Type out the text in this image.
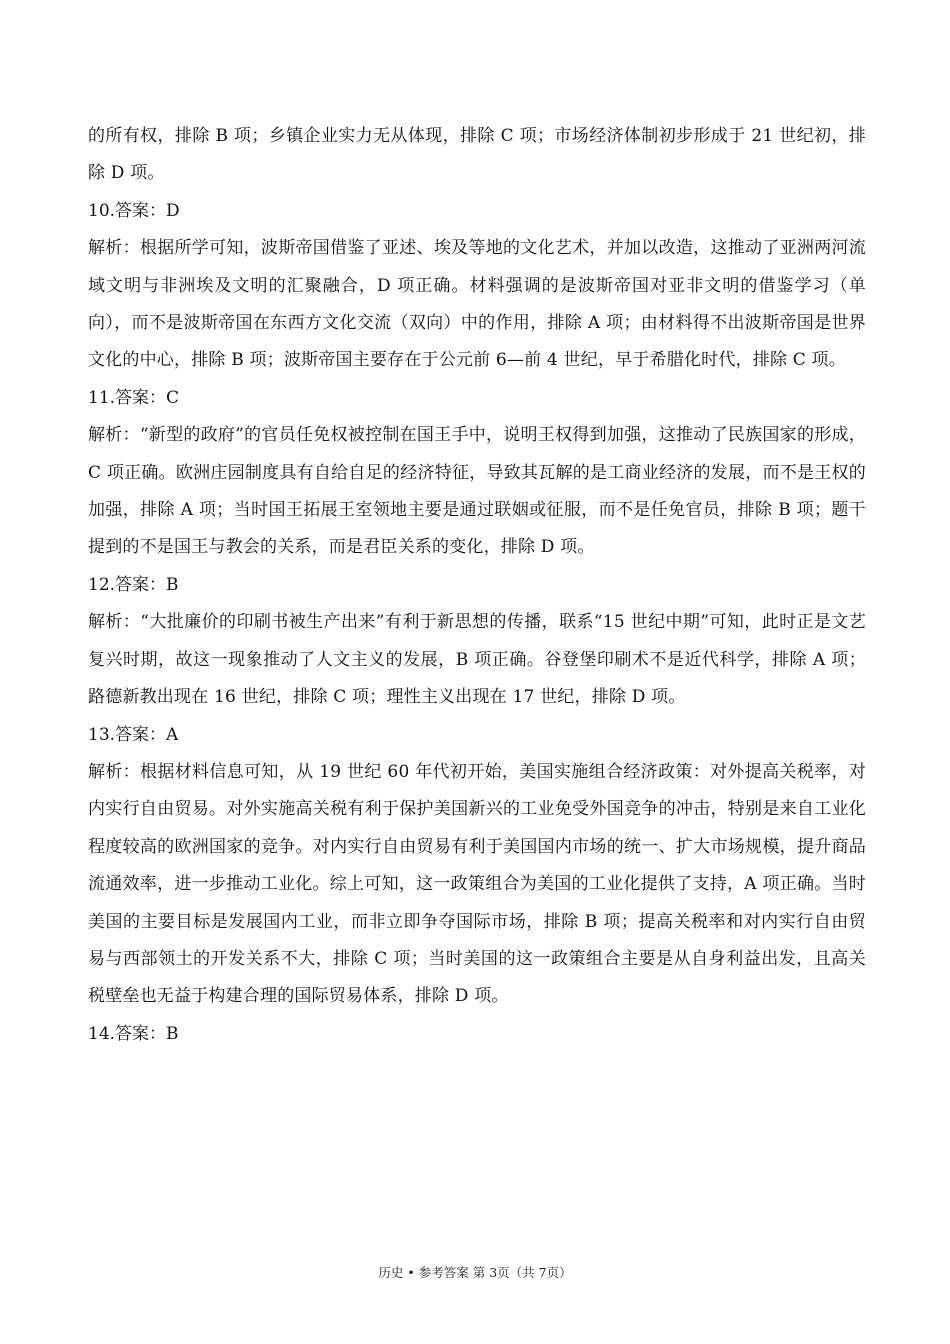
的所有权，排除 B 项；乡镇企业实力无从体现，排除 C 项；市场经济体制初步形成于 21 世纪初，排除 D 项。

10.答案：D

解析：根据所学可知，波斯帝国借鉴了亚述、埃及等地的文化艺术，并加以改造，这推动了亚洲两河流域文明与非洲埃及文明的汇聚融合，D 项正确。材料强调的是波斯帝国对亚非文明的借鉴学习（单向），而不是波斯帝国在东西方文化交流（双向）中的作用，排除 A 项；由材料得不出波斯帝国是世界文化的中心，排除 B 项；波斯帝国主要存在于公元前 6—前 4 世纪，早于希腊化时代，排除 C 项。

11.答案：C

解析：“新型的政府”的官员任免权被控制在国王手中，说明王权得到加强，这推动了民族国家的形成，C 项正确。欧洲庄园制度具有自给自足的经济特征，导致其瓦解的是工商业经济的发展，而不是王权的加强，排除 A 项；当时国王拓展王室领地主要是通过联姻或征服，而不是任免官员，排除 B 项；题干提到的不是国王与教会的关系，而是君臣关系的变化，排除 D 项。

12.答案：B

解析：“大批廉价的印刷书被生产出来”有利于新思想的传播，联系“15 世纪中期”可知，此时正是文艺复兴时期，故这一现象推动了人文主义的发展，B 项正确。谷登堡印刷术不是近代科学，排除 A 项；路德新教出现在 16 世纪，排除 C 项；理性主义出现在 17 世纪，排除 D 项。

13.答案：A

解析：根据材料信息可知，从 19 世纪 60 年代初开始，美国实施组合经济政策：对外提高关税率，对内实行自由贸易。对外实施高关税有利于保护美国新兴的工业免受外国竞争的冲击，特别是来自工业化程度较高的欧洲国家的竞争。对内实行自由贸易有利于美国国内市场的统一、扩大市场规模，提升商品流通效率，进一步推动工业化。综上可知，这一政策组合为美国的工业化提供了支持，A 项正确。当时美国的主要目标是发展国内工业，而非立即争夺国际市场，排除 B 项；提高关税率和对内实行自由贸易与西部领土的开发关系不大，排除 C 项；当时美国的这一政策组合主要是从自身利益出发，且高关税壁垒也无益于构建合理的国际贸易体系，排除 D 项。

14.答案：B

历史 • 参考答案 第 3页（共 7页）
